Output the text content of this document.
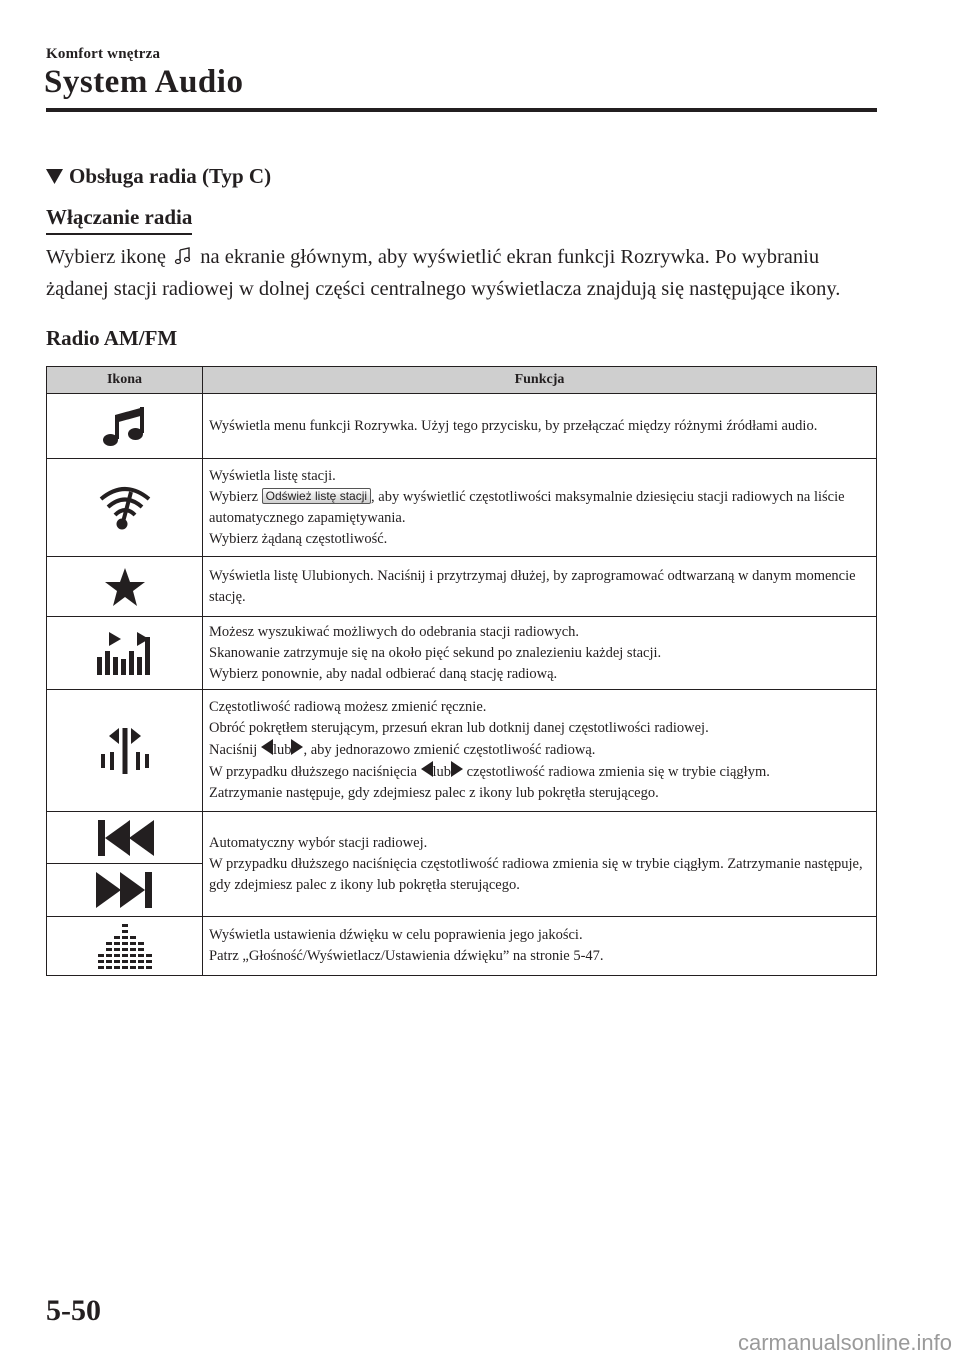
Komfort wnętrza
System Audio
Obsługa radia (Typ C)
Włączanie radia
Wybierz ikonę na ekranie głównym, aby wyświetlić ekran funkcji Rozrywka. Po wybraniu żądanej stacji radiowej w dolnej części centralnego wyświetlacza znajdują się następujące ikony.
Radio AM/FM
Ikona	Funkcja

	Wyświetla menu funkcji Rozrywka. Użyj tego przycisku, by przełączać między różnymi źródłami audio.

Wyświetla listę stacji.
Wybierz Odśwież listę stacji , aby wyświetlić częstotliwości maksymalnie dziesięciu stacji radiowych na liście automatycznego zapamiętywania.
Wybierz żądaną częstotliwość.

	Wyświetla listę Ulubionych. Naciśnij i przytrzymaj dłużej, by zaprogramować odtwarzaną w danym momencie stację.

Możesz wyszukiwać możliwych do odebrania stacji radiowych.
Skanowanie zatrzymuje się na około pięć sekund po znalezieniu każdej stacji.
Wybierz ponownie, aby nadal odbierać daną stację radiową.

Częstotliwość radiową możesz zmienić ręcznie.
Obróć pokrętłem sterującym, przesuń ekran lub dotknij danej częstotliwości radiowej.
Naciśnij lub , aby jednorazowo zmienić częstotliwość radiową.
W przypadku dłuższego naciśnięcia lub częstotliwość radiowa zmienia się w trybie ciągłym.
Zatrzymanie następuje, gdy zdejmiesz palec z ikony lub pokrętła sterującego.

Automatyczny wybór stacji radiowej.
W przypadku dłuższego naciśnięcia częstotliwość radiowa zmienia się w trybie ciągłym. Zatrzymanie następuje, gdy zdejmiesz palec z ikony lub pokrętła sterującego.

Wyświetla ustawienia dźwięku w celu poprawienia jego jakości.
Patrz „Głośność/Wyświetlacz/Ustawienia dźwięku” na stronie 5-47.
5-50
carmanualsonline.info
